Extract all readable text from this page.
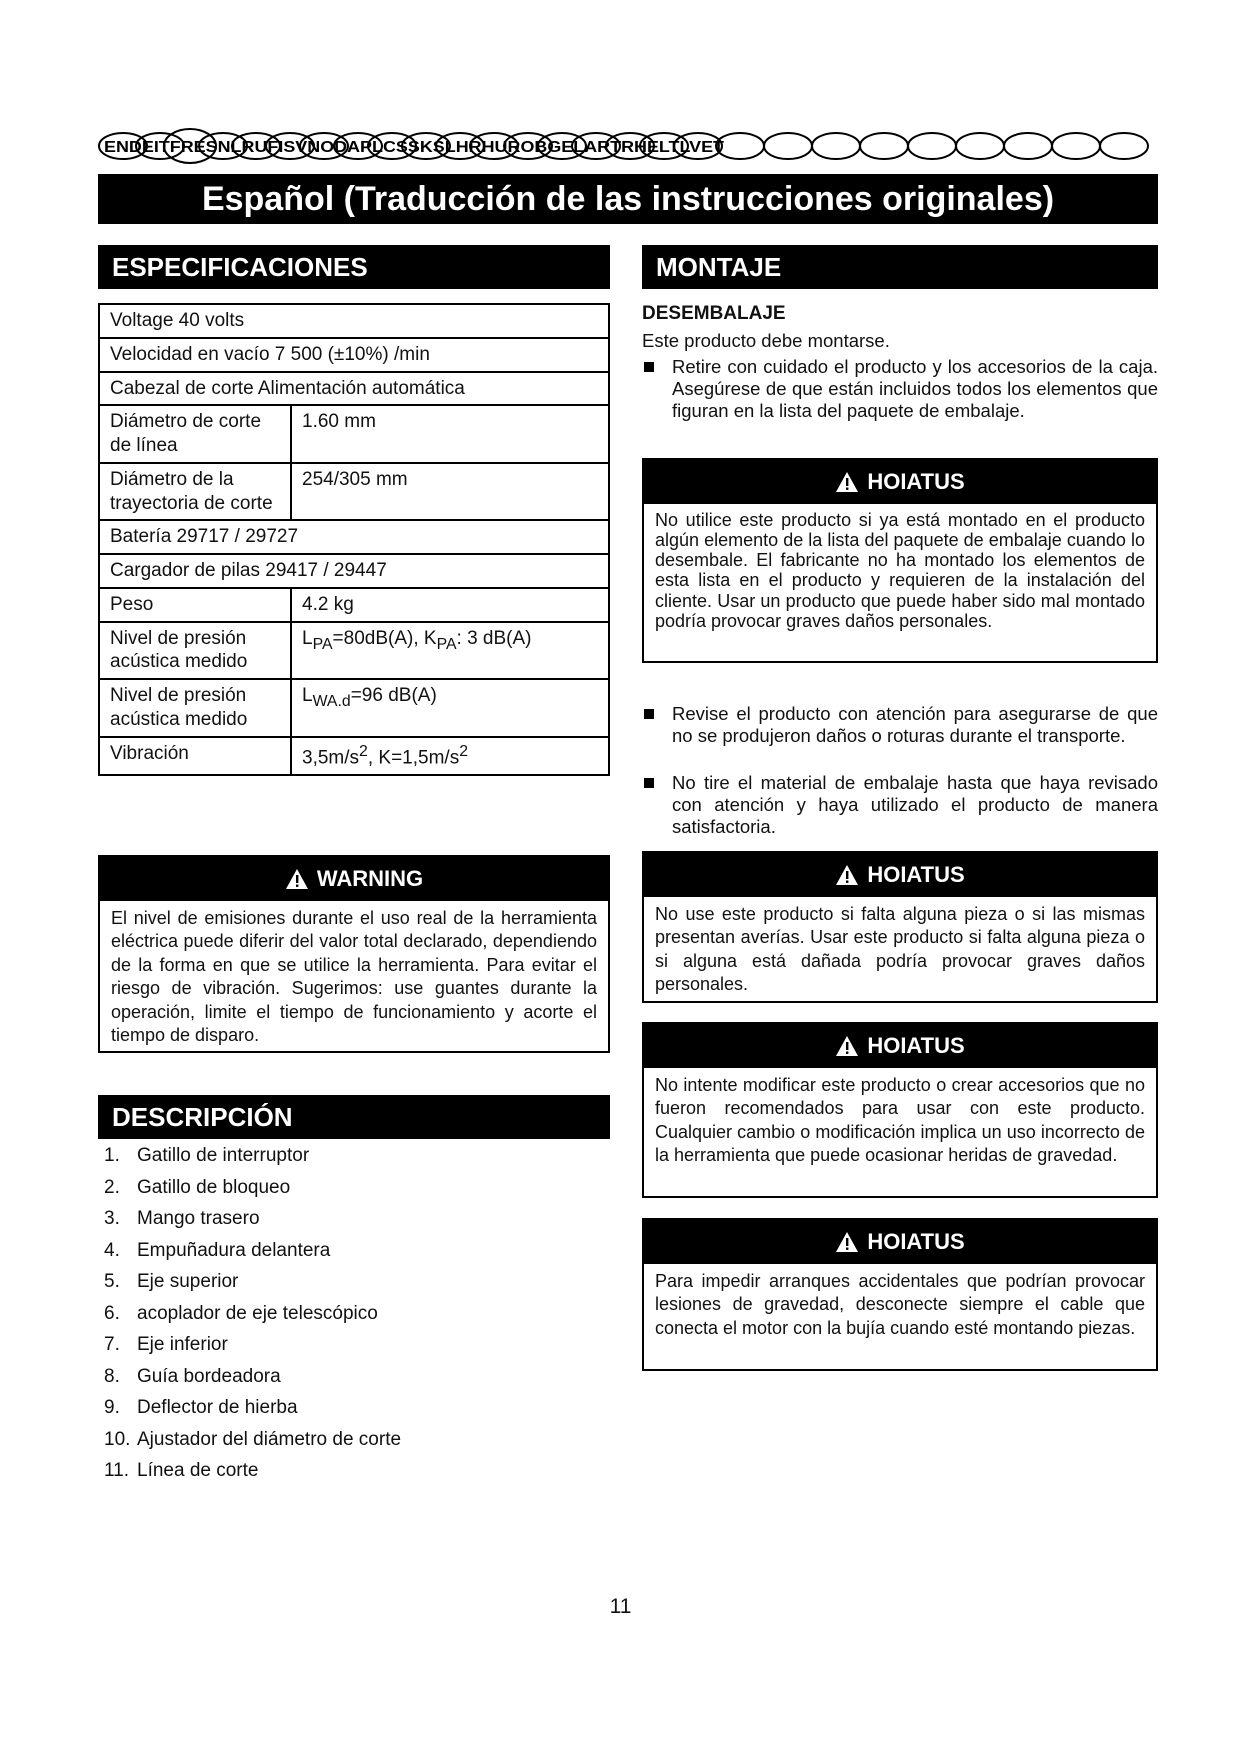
ENDEITFRESNLRUFISVNODAPLCSSKSLHRHUROBGELARTRHELTLVET
Español (Traducción de las instrucciones originales)
ESPECIFICACIONES
Voltage 40 volts	
Velocidad en vacío 7 500 (±10%) /min	
Cabezal de corte Alimentación automática	
Diámetro de corte de línea	1.60 mm
Diámetro de la trayectoria de corte	254/305 mm
Batería 29717 / 29727	
Cargador de pilas 29417 / 29447	
Peso	4.2 kg
Nivel de presión acústica medido	$L_{PA}=80dB(A)$, $K_{PA}$: 3 dB(A)
Nivel de presión acústica medido	$L_{WA.d}=96$ dB(A)
Vibración	$3,5m/s^2$, $K=1,5m/s^2$
WARNING
El nivel de emisiones durante el uso real de la herramienta eléctrica puede diferir del valor total declarado, dependiendo de la forma en que se utilice la herramienta. Para evitar el riesgo de vibración. Sugerimos: use guantes durante la operación, limite el tiempo de funcionamiento y acorte el tiempo de disparo.
DESCRIPCIÓN
1. Gatillo de interruptor
2. Gatillo de bloqueo
3. Mango trasero
4. Empuñadura delantera
5. Eje superior
6. acoplador de eje telescópico
7. Eje inferior
8. Guía bordeadora
9. Deflector de hierba
10. Ajustador del diámetro de corte
11. Línea de corte
MONTAJE
DESEMBALAJE
Este producto debe montarse.
Retire con cuidado el producto y los accesorios de la caja. Asegúrese de que están incluidos todos los elementos que figuran en la lista del paquete de embalaje.
HOIATUS
No utilice este producto si ya está montado en el producto algún elemento de la lista del paquete de embalaje cuando lo desembale. El fabricante no ha montado los elementos de esta lista en el producto y requieren de la instalación del cliente. Usar un producto que puede haber sido mal montado podría provocar graves daños personales.
Revise el producto con atención para asegurarse de que no se produjeron daños o roturas durante el transporte.
No tire el material de embalaje hasta que haya revisado con atención y haya utilizado el producto de manera satisfactoria.
HOIATUS
No use este producto si falta alguna pieza o si las mismas presentan averías. Usar este producto si falta alguna pieza o si alguna está dañada podría provocar graves daños personales.
HOIATUS
No intente modificar este producto o crear accesorios que no fueron recomendados para usar con este producto. Cualquier cambio o modificación implica un uso incorrecto de la herramienta que puede ocasionar heridas de gravedad.
HOIATUS
Para impedir arranques accidentales que podrían provocar lesiones de gravedad, desconecte siempre el cable que conecta el motor con la bujía cuando esté montando piezas.
11
